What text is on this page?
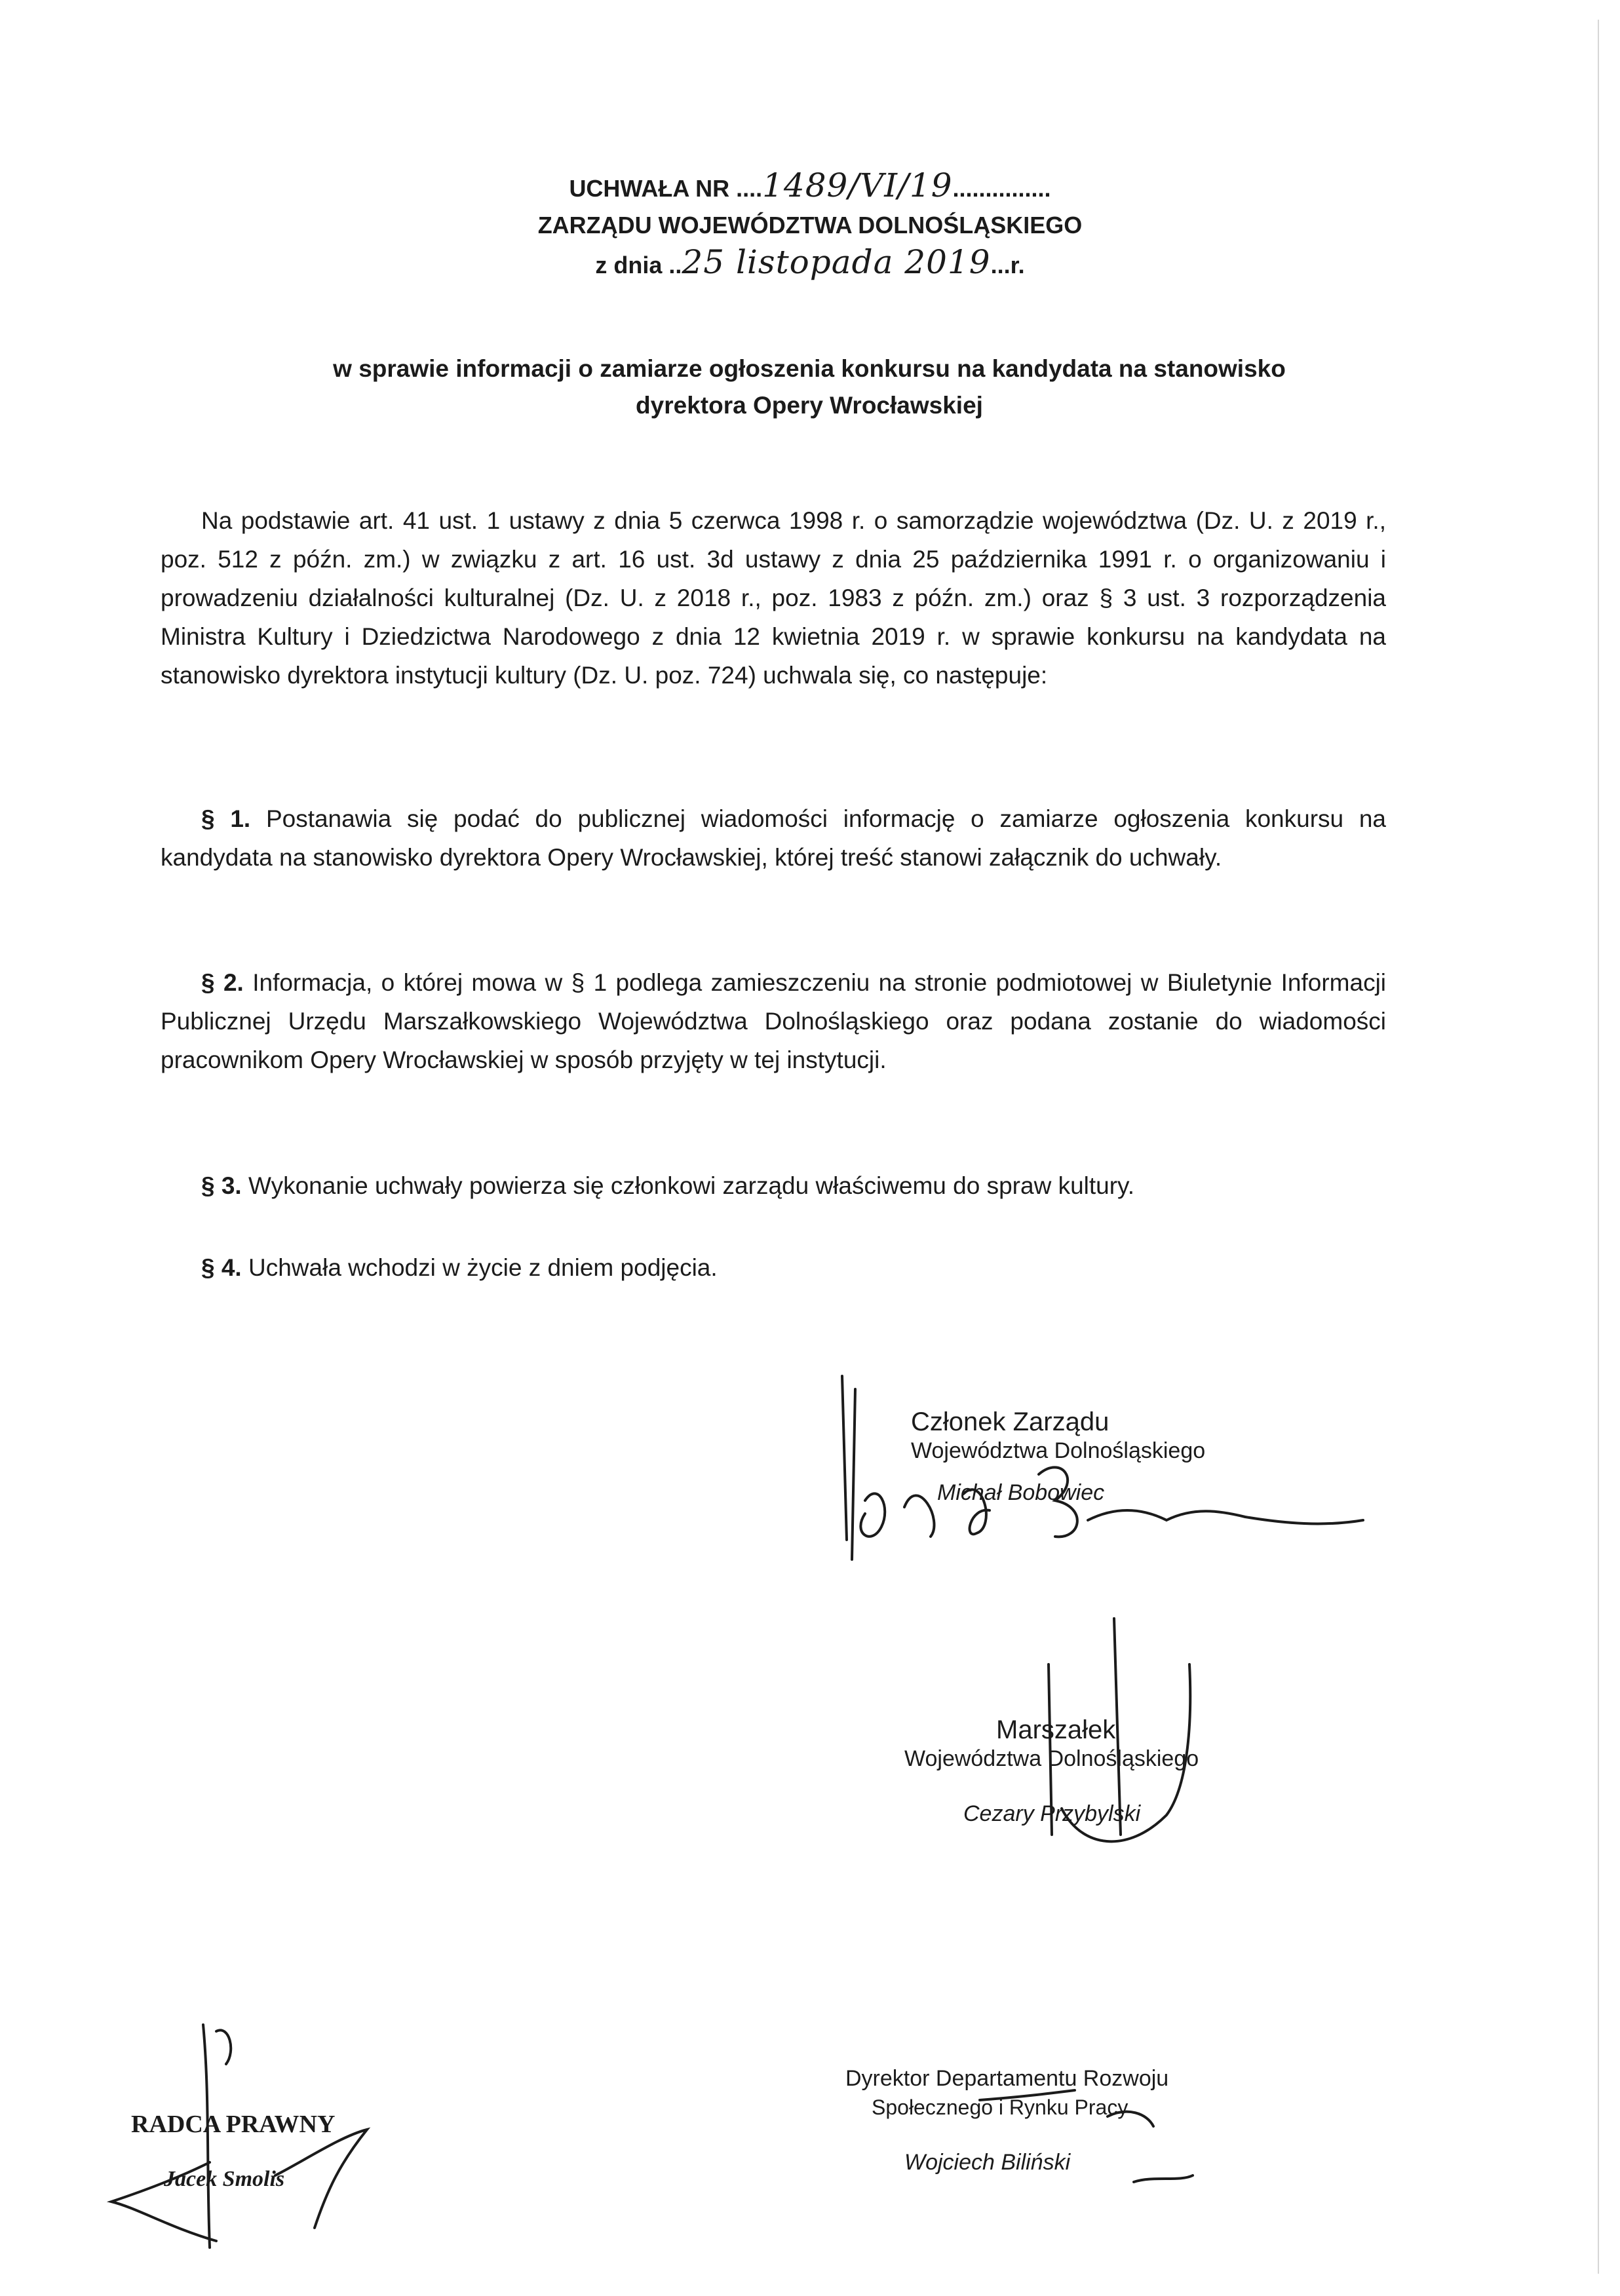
UCHWAŁA NR ....1489/VI/19...............
ZARZĄDU WOJEWÓDZTWA DOLNOŚLĄSKIEGO
z dnia ..25 listopada 2019...r.
w sprawie informacji o zamiarze ogłoszenia konkursu na kandydata na stanowisko
dyrektora Opery Wrocławskiej
Na podstawie art. 41 ust. 1 ustawy z dnia 5 czerwca 1998 r. o samorządzie województwa (Dz. U. z 2019 r., poz. 512 z późn. zm.) w związku z art. 16 ust. 3d ustawy z dnia 25 października 1991 r. o organizowaniu i prowadzeniu działalności kulturalnej (Dz. U. z 2018 r., poz. 1983 z późn. zm.) oraz § 3 ust. 3 rozporządzenia Ministra Kultury i Dziedzictwa Narodowego z dnia 12 kwietnia 2019 r. w sprawie konkursu na kandydata na stanowisko dyrektora instytucji kultury (Dz. U. poz. 724) uchwala się, co następuje:
§ 1. Postanawia się podać do publicznej wiadomości informację o zamiarze ogłoszenia konkursu na kandydata na stanowisko dyrektora Opery Wrocławskiej, której treść stanowi załącznik do uchwały.
§ 2. Informacja, o której mowa w § 1 podlega zamieszczeniu na stronie podmiotowej w Biuletynie Informacji Publicznej Urzędu Marszałkowskiego Województwa Dolnośląskiego oraz podana zostanie do wiadomości pracownikom Opery Wrocławskiej w sposób przyjęty w tej instytucji.
§ 3. Wykonanie uchwały powierza się członkowi zarządu właściwemu do spraw kultury.
§ 4. Uchwała wchodzi w życie z dniem podjęcia.
Członek Zarządu
Województwa Dolnośląskiego
Michał Bobowiec
Marszałek
Województwa Dolnośląskiego
Cezary Przybylski
Dyrektor Departamentu Rozwoju
Społecznego i Rynku Pracy
Wojciech Biliński
RADCA PRAWNY
Jacek Smolis
